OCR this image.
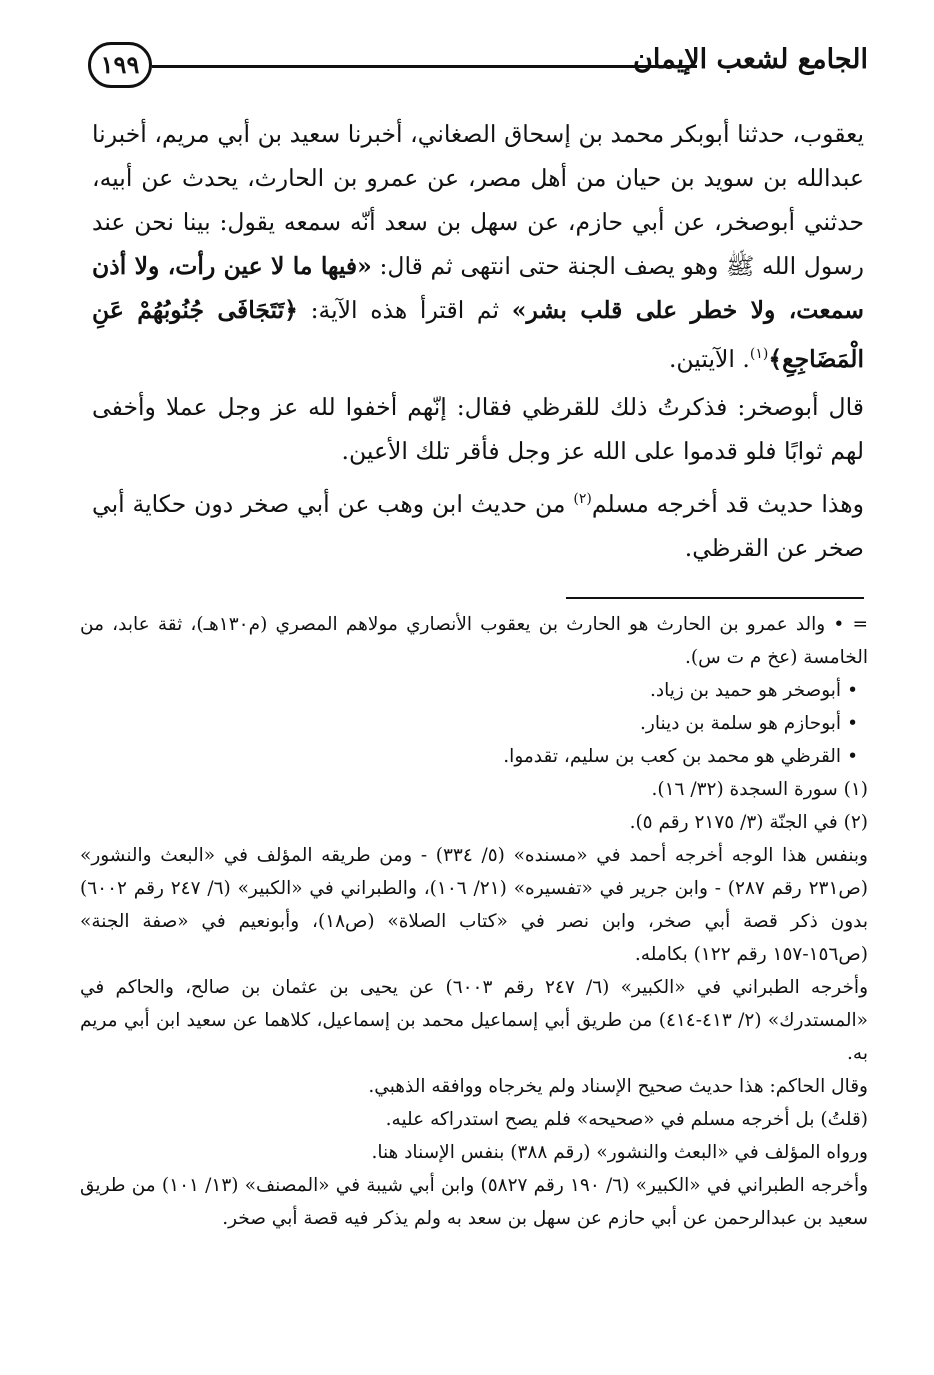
١٩٩	الجامع لشعب الإيمان

يعقوب، حدثنا أبوبكر محمد بن إسحاق الصغاني، أخبرنا سعيد بن أبي مريم، أخبرنا عبدالله بن سويد بن حيان من أهل مصر، عن عمرو بن الحارث، يحدث عن أبيه، حدثني أبوصخر، عن أبي حازم، عن سهل بن سعد أنّه سمعه يقول: بينا نحن عند رسول الله ﷺ وهو يصف الجنة حتى انتهى ثم قال: «فيها ما لا عين رأت، ولا أذن سمعت، ولا خطر على قلب بشر» ثم اقترأ هذه الآية: ﴿تَتَجَافَى جُنُوبُهُمْ عَنِ الْمَضَاجِعِ﴾$^{(١)}$. الآيتين.

قال أبوصخر: فذكرتُ ذلك للقرظي فقال: إنّهم أخفوا لله عز وجل عملا وأخفى لهم ثوابًا فلو قدموا على الله عز وجل فأقر تلك الأعين.

وهذا حديث قد أخرجه مسلم$^{(٢)}$ من حديث ابن وهب عن أبي صخر دون حكاية أبي صخر عن القرظي.

= • والد عمرو بن الحارث هو الحارث بن يعقوب الأنصاري مولاهم المصري (م١٣٠هـ)، ثقة عابد، من الخامسة (عخ م ت س).

•أبوصخر هو حميد بن زياد.
•أبوحازم هو سلمة بن دينار.
•القرظي هو محمد بن كعب بن سليم، تقدموا.

(١) سورة السجدة (٣٢/ ١٦).

(٢) في الجنّة (٣/ ٢١٧٥ رقم ٥).

وبنفس هذا الوجه أخرجه أحمد في «مسنده» (٥/ ٣٣٤) - ومن طريقه المؤلف في «البعث والنشور» (ص٢٣١ رقم ٢٨٧) - وابن جرير في «تفسيره» (٢١/ ١٠٦)، والطبراني في «الكبير» (٦/ ٢٤٧ رقم ٦٠٠٢) بدون ذكر قصة أبي صخر، وابن نصر في «كتاب الصلاة» (ص١٨)، وأبونعيم في «صفة الجنة» (ص١٥٦-١٥٧ رقم ١٢٢) بكامله.

وأخرجه الطبراني في «الكبير» (٦/ ٢٤٧ رقم ٦٠٠٣) عن يحيى بن عثمان بن صالح، والحاكم في «المستدرك» (٢/ ٤١٣-٤١٤) من طريق أبي إسماعيل محمد بن إسماعيل، كلاهما عن سعيد ابن أبي مريم به.

وقال الحاكم: هذا حديث صحيح الإسناد ولم يخرجاه ووافقه الذهبي.

(قلتُ) بل أخرجه مسلم في «صحيحه» فلم يصح استدراكه عليه.

ورواه المؤلف في «البعث والنشور» (رقم ٣٨٨) بنفس الإسناد هنا.

وأخرجه الطبراني في «الكبير» (٦/ ١٩٠ رقم ٥٨٢٧) وابن أبي شيبة في «المصنف» (١٣/ ١٠١) من طريق سعيد بن عبدالرحمن عن أبي حازم عن سهل بن سعد به ولم يذكر فيه قصة أبي صخر.
